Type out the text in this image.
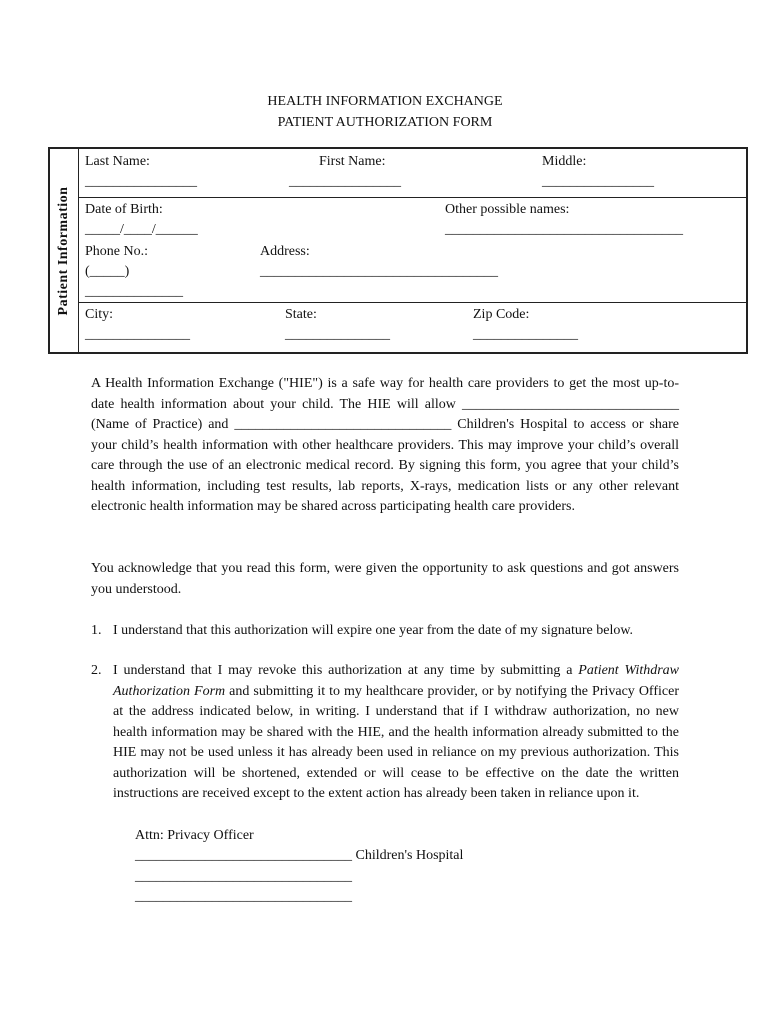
HEALTH INFORMATION EXCHANGE
PATIENT AUTHORIZATION FORM
Patient Information
Last Name:
________________
First Name:
________________
Middle:
________________
Date of Birth:
_____/____/______
Other possible names:
__________________________________
Phone No.:
(_____)
______________
Address:
__________________________________
City:
_______________
State:
_______________
Zip Code:
_______________
A Health Information Exchange ("HIE") is a safe way for health care providers to get the most up-to-date health information about your child. The HIE will allow _______________________________ (Name of Practice) and _______________________________ Children's Hospital to access or share your child’s health information with other healthcare providers. This may improve your child’s overall care through the use of an electronic medical record. By signing this form, you agree that your child’s health information, including test results, lab reports, X-rays, medication lists or any other relevant electronic health information may be shared across participating health care providers.
You acknowledge that you read this form, were given the opportunity to ask questions and got answers you understood.
1. I understand that this authorization will expire one year from the date of my signature below.
2. I understand that I may revoke this authorization at any time by submitting a Patient Withdraw Authorization Form and submitting it to my healthcare provider, or by notifying the Privacy Officer at the address indicated below, in writing. I understand that if I withdraw authorization, no new health information may be shared with the HIE, and the health information already submitted to the HIE may not be used unless it has already been used in reliance on my previous authorization. This authorization will be shortened, extended or will cease to be effective on the date the written instructions are received except to the extent action has already been taken in reliance upon it.
Attn: Privacy Officer
_______________________________ Children's Hospital
_______________________________
_______________________________
